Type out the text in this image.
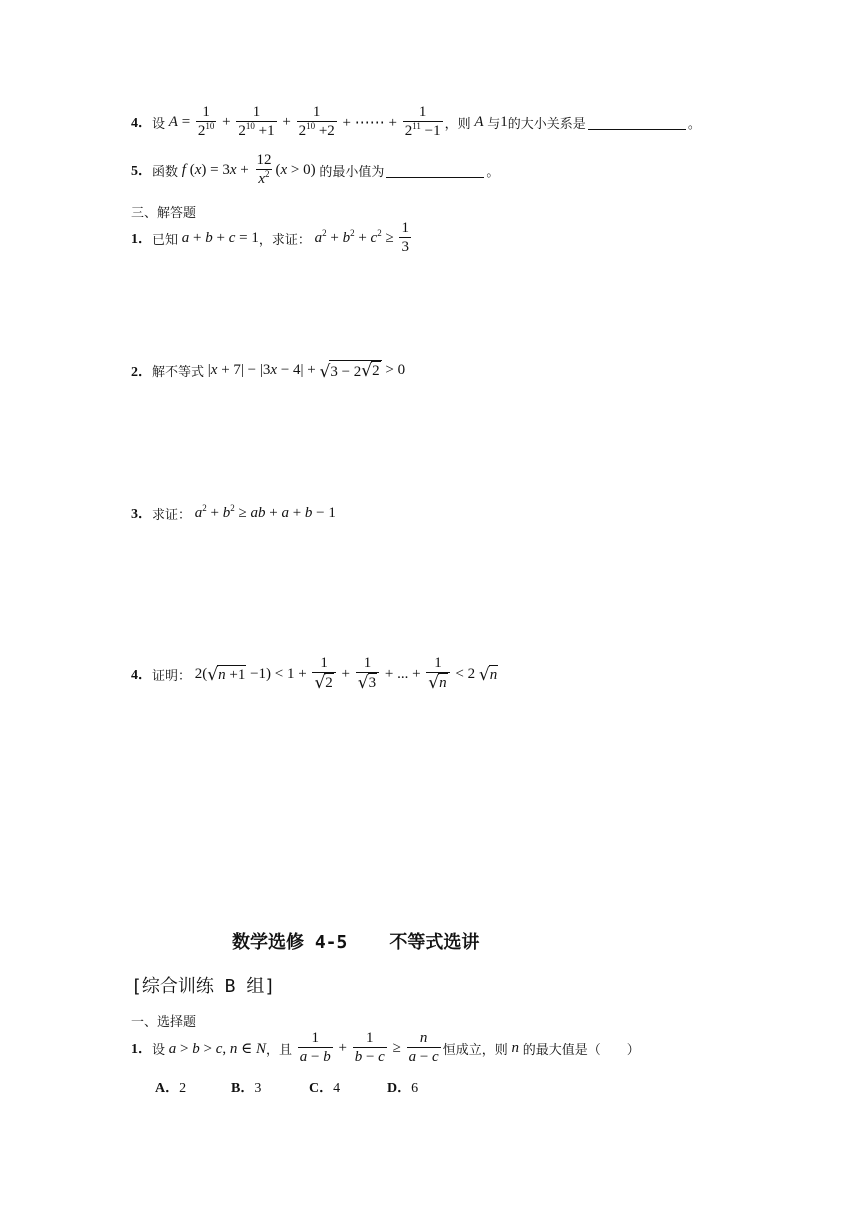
4． 设 $A = \frac{1}{2^{10}} + \frac{1}{2^{10} +1} + \frac{1}{2^{10} +2}$ + ⋯⋯ + $\frac{1}{2^{11} -1}$ ，则 A 与 1 的大小关系是	。
5． 函数 f $(x) = 3x + \frac{12}{x^2} (x > 0)$ 的最小值为	。
三、解答题
1． 已知 a + b + c = 1 ，求证： $a^2 + b^2 + c^2 \ge \frac{1}{3}$
2． 解不等式 |x + 7| − |3x − 4| + √ 3 − 2 √ 2 > 0
3． 求证： $a^2 + b^2$ ≥ ab + a + b − 1
4． 证明： 2( √ $n +1 -1) < 1 + \frac{1}{√ 2} + \frac{1}{√ 3}$ + ... + $\frac{1}{√ n} < 2$ √ n
数学选修 4-5 不等式选讲
[综合训练 B 组]
一、选择题
1． 设 a > b > c, n ∈ N ，且
$\frac{1}{a - b} + \frac{1}{b - c} \ge \frac{n}{a - c}$ 恒成立，则 n 的最大值是（　　）
A．2	B．3	C．4	D．6
